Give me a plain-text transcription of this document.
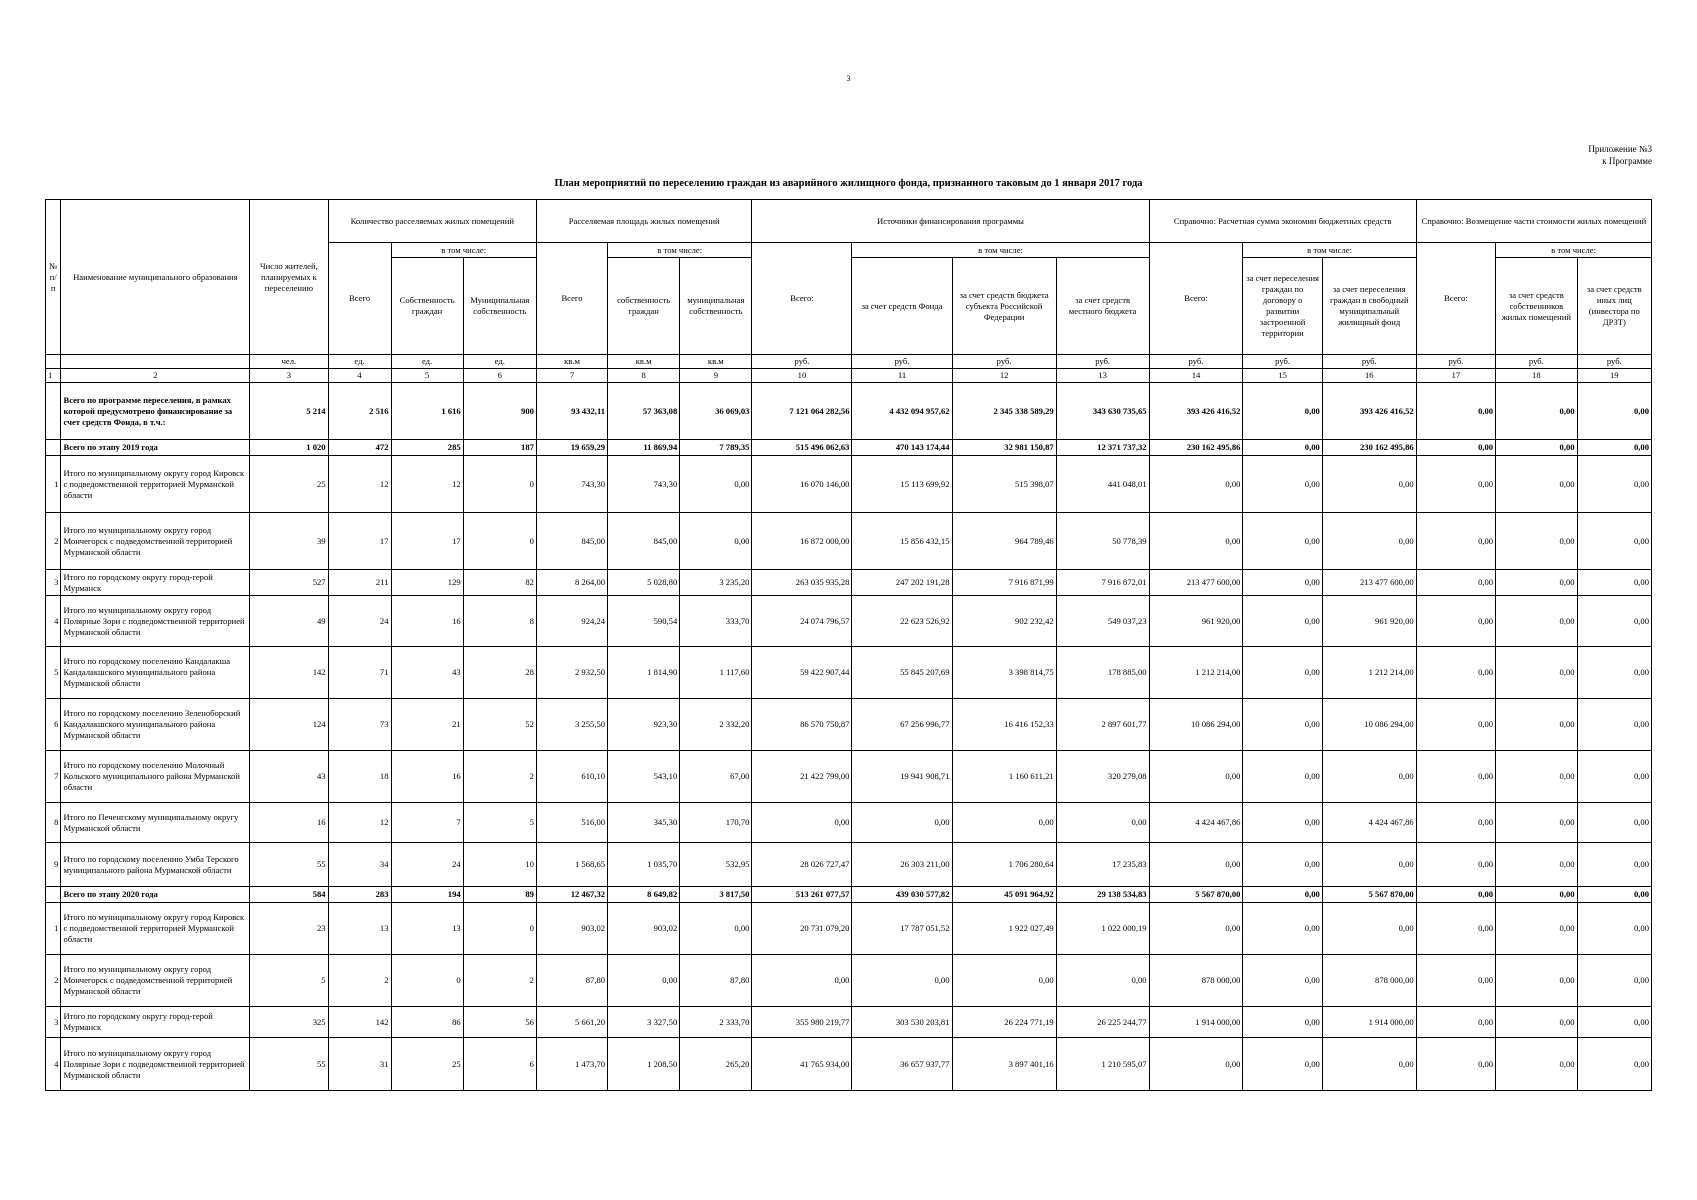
3
Приложение №3
к Программе
План мероприятий по переселению граждан из аварийного жилищного фонда, признанного таковым до 1 января 2017 года
№ п/п	Наименование муниципального образования	Число жителей, планируемых к переселению	Количество расселяемых жилых помещений			Расселяемая площадь жилых помещений			Источники финансирования программы				Справочно: Расчетная сумма экономии бюджетных средств			Справочно: Возмещение части стоимости жилых помещений		
			Всего	в том числе:		Всего	в том числе:		Всего:	в том числе:			Всего:	в том числе:		Всего:	в том числе:	
				Собственность граждан	Муниципальная собственность		собственность граждан	муниципальная собственность		за счет средств Фонда	за счет средств бюджета субъекта Российской Федерации	за счет средств местного бюджета		за счет переселения граждан по договору о развитии застроенной территории	за счет переселения граждан в свободный муниципальный жилищный фонд		за счет средств собственников жилых помещений	за счет средств иных лиц (инвестора по ДРЗТ)
		чел.	ед.	ед.	ед.	кв.м	кв.м	кв.м	руб.	руб.	руб.	руб.	руб.	руб.	руб.	руб.	руб.	руб.
1	2	3	4	5	6	7	8	9	10	11	12	13	14	15	16	17	18	19
	Всего по программе переселения, в рамках которой предусмотрено финансирование за счет средств Фонда, в т.ч.:	5 214	2 516	1 616	900	93 432,11	57 363,08	36 069,03	7 121 064 282,56	4 432 094 957,62	2 345 338 589,29	343 630 735,65	393 426 416,52	0,00	393 426 416,52	0,00	0,00	0,00
	Всего по этапу 2019 года	1 020	472	285	187	19 659,29	11 869,94	7 789,35	515 496 062,63	470 143 174,44	32 981 150,87	12 371 737,32	230 162 495,86	0,00	230 162 495,86	0,00	0,00	0,00
1	Итого по муниципальному округу город Кировск с подведомственной территорией Мурманской области	25	12	12	0	743,30	743,30	0,00	16 070 146,00	15 113 699,92	515 398,07	441 048,01	0,00	0,00	0,00	0,00	0,00	0,00
2	Итого по муниципальному округу город Мончегорск с подведомственной территорией Мурманской области	39	17	17	0	845,00	845,00	0,00	16 872 000,00	15 856 432,15	964 789,46	50 778,39	0,00	0,00	0,00	0,00	0,00	0,00
3	Итого по городскому округу город-герой Мурманск	527	211	129	82	8 264,00	5 028,80	3 235,20	263 035 935,28	247 202 191,28	7 916 871,99	7 916 872,01	213 477 600,00	0,00	213 477 600,00	0,00	0,00	0,00
4	Итого по муниципальному округу город Полярные Зори с подведомственной территорией Мурманской области	49	24	16	8	924,24	590,54	333,70	24 074 796,57	22 623 526,92	902 232,42	549 037,23	961 920,00	0,00	961 920,00	0,00	0,00	0,00
5	Итого по городскому поселению Кандалакша Кандалакшского муниципального района Мурманской области	142	71	43	28	2 932,50	1 814,90	1 117,60	59 422 907,44	55 845 207,69	3 398 814,75	178 885,00	1 212 214,00	0,00	1 212 214,00	0,00	0,00	0,00
6	Итого по городскому поселению Зеленоборский Кандалакшского муниципального района Мурманской области	124	73	21	52	3 255,50	923,30	2 332,20	86 570 750,87	67 256 996,77	16 416 152,33	2 897 601,77	10 086 294,00	0,00	10 086 294,00	0,00	0,00	0,00
7	Итого по городскому поселению Молочный Кольского муниципального района Мурманской области	43	18	16	2	610,10	543,10	67,00	21 422 799,00	19 941 908,71	1 160 611,21	320 279,08	0,00	0,00	0,00	0,00	0,00	0,00
8	Итого по Печенгскому муниципальному округу Мурманской области	16	12	7	5	516,00	345,30	170,70	0,00	0,00	0,00	0,00	4 424 467,86	0,00	4 424 467,86	0,00	0,00	0,00
9	Итого по городскому поселению Умба Терского муниципального района Мурманской области	55	34	24	10	1 568,65	1 035,70	532,95	28 026 727,47	26 303 211,00	1 706 280,64	17 235,83	0,00	0,00	0,00	0,00	0,00	0,00
	Всего по этапу 2020 года	584	283	194	89	12 467,32	8 649,82	3 817,50	513 261 077,57	439 030 577,82	45 091 964,92	29 138 534,83	5 567 870,00	0,00	5 567 870,00	0,00	0,00	0,00
1	Итого по муниципальному округу город Кировск с подведомственной территорией Мурманской области	23	13	13	0	903,02	903,02	0,00	20 731 079,20	17 787 051,52	1 922 027,49	1 022 000,19	0,00	0,00	0,00	0,00	0,00	0,00
2	Итого по муниципальному округу город Мончегорск с подведомственной территорией Мурманской области	5	2	0	2	87,80	0,00	87,80	0,00	0,00	0,00	0,00	878 000,00	0,00	878 000,00	0,00	0,00	0,00
3	Итого по городскому округу город-герой Мурманск	325	142	86	56	5 661,20	3 327,50	2 333,70	355 980 219,77	303 530 203,81	26 224 771,19	26 225 244,77	1 914 000,00	0,00	1 914 000,00	0,00	0,00	0,00
4	Итого по муниципальному округу город Полярные Зори с подведомственной территорией Мурманской области	55	31	25	6	1 473,70	1 208,50	265,20	41 765 934,00	36 657 937,77	3 897 401,16	1 210 595,07	0,00	0,00	0,00	0,00	0,00	0,00
